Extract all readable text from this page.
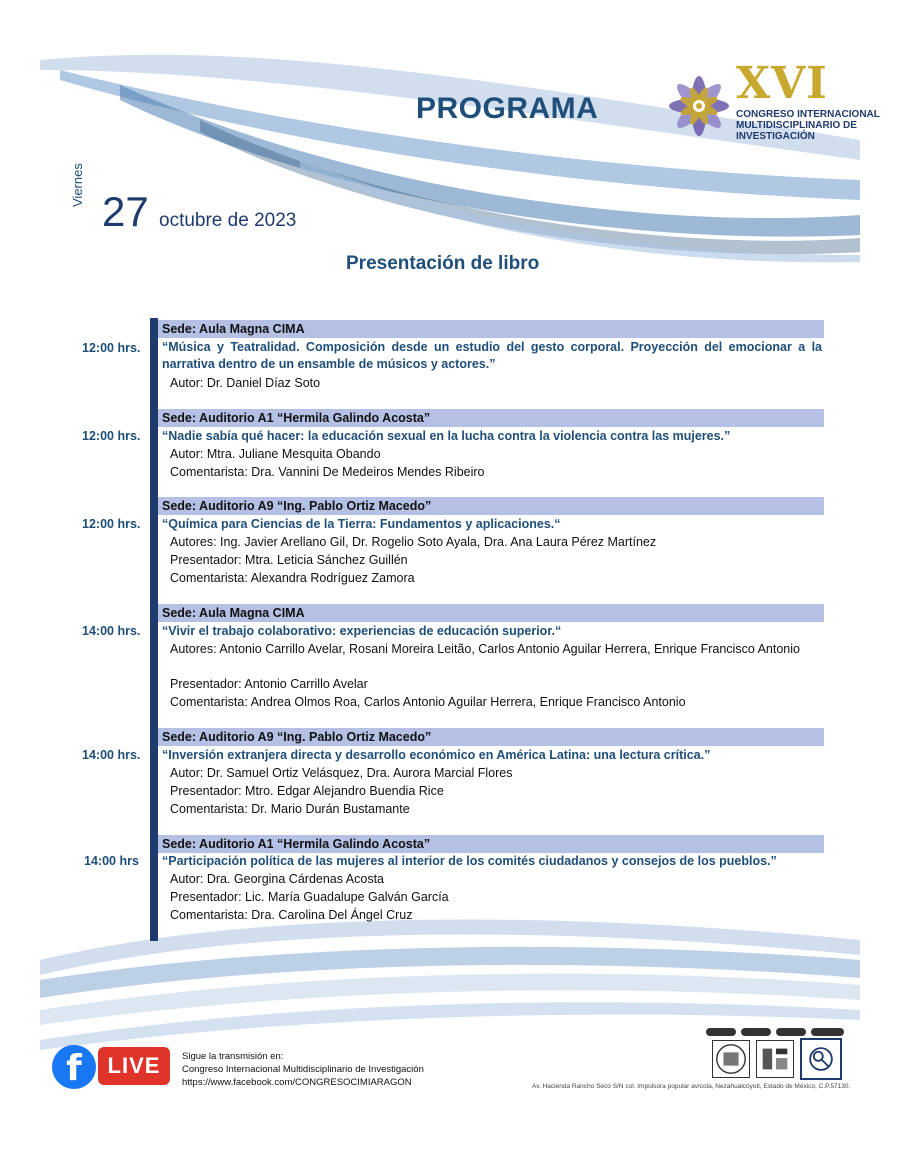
PROGRAMA	XVI
CONGRESO INTERNACIONAL
MULTIDISCIPLINARIO DE
INVESTIGACIÓN
Viernes
27 octubre de 2023
Presentación de libro
Sede: Aula Magna CIMA
12:00 hrs. “Música y Teatralidad. Composición desde un estudio del gesto corporal. Proyección del emocionar a la narrativa dentro de un ensamble de músicos y actores.”
Autor: Dr. Daniel Díaz Soto
Sede: Auditorio A1 “Hermila Galindo Acosta”
12:00 hrs. “Nadie sabía qué hacer: la educación sexual en la lucha contra la violencia contra las mujeres.”
Autor: Mtra. Juliane Mesquita Obando
Comentarista: Dra. Vannini De Medeiros Mendes Ribeiro
Sede: Auditorio A9 “Ing. Pablo Ortiz Macedo”
12:00 hrs. “Química para Ciencias de la Tierra: Fundamentos y aplicaciones.“
Autores: Ing. Javier Arellano Gil, Dr. Rogelio Soto Ayala, Dra. Ana Laura Pérez Martínez
Presentador: Mtra. Leticia Sánchez Guillén
Comentarista: Alexandra Rodríguez Zamora
Sede: Aula Magna CIMA
14:00 hrs. “Vivir el trabajo colaborativo: experiencias de educación superior.“
Autores: Antonio Carrillo Avelar, Rosani Moreira Leitão, Carlos Antonio Aguilar Herrera, Enrique Francisco Antonio
Presentador: Antonio Carrillo Avelar
Comentarista: Andrea Olmos Roa, Carlos Antonio Aguilar Herrera, Enrique Francisco Antonio
Sede: Auditorio A9 “Ing. Pablo Ortiz Macedo”
14:00 hrs. “Inversión extranjera directa y desarrollo económico en América Latina: una lectura crítica.”
Autor: Dr. Samuel Ortiz Velásquez, Dra. Aurora Marcial Flores
Presentador: Mtro. Edgar Alejandro Buendia Rice
Comentarista: Dr. Mario Durán Bustamante
Sede: Auditorio A1 “Hermila Galindo Acosta”
14:00 hrs “Participación política de las mujeres al interior de los comités ciudadanos y consejos de los pueblos.”
Autor: Dra. Georgina Cárdenas Acosta
Presentador: Lic. María Guadalupe Galván García
Comentarista: Dra. Carolina Del Ángel Cruz
f	LIVE	Sigue la transmisión en:
Congreso Internacional Multidisciplinario de Investigación
https://www.facebook.com/CONGRESOCIMIARAGON	Av. Hacienda Rancho Seco S/N col. Impulsora popular avícola, Nezahualcóyotl, Estado de México, C.P.57130.
